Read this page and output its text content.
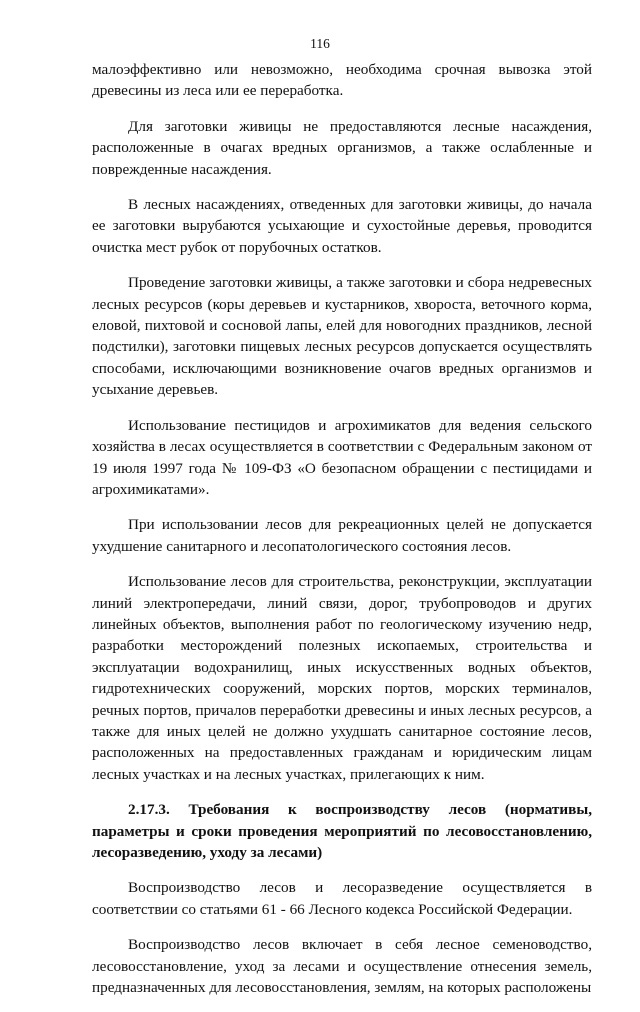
116

малоэффективно или невозможно, необходима срочная вывозка этой древесины из леса или ее переработка.

Для заготовки живицы не предоставляются лесные насаждения, расположенные в очагах вредных организмов, а также ослабленные и поврежденные насаждения.

В лесных насаждениях, отведенных для заготовки живицы, до начала ее заготовки вырубаются усыхающие и сухостойные деревья, проводится очистка мест рубок от порубочных остатков.

Проведение заготовки живицы, а также заготовки и сбора недревесных лесных ресурсов (коры деревьев и кустарников, хвороста, веточного корма, еловой, пихтовой и сосновой лапы, елей для новогодних праздников, лесной подстилки), заготовки пищевых лесных ресурсов допускается осуществлять способами, исключающими возникновение очагов вредных организмов и усыхание деревьев.

Использование пестицидов и агрохимикатов для ведения сельского хозяйства в лесах осуществляется в соответствии с Федеральным законом от 19 июля 1997 года № 109-ФЗ «О безопасном обращении с пестицидами и агрохимикатами».

При использовании лесов для рекреационных целей не допускается ухудшение санитарного и лесопатологического состояния лесов.

Использование лесов для строительства, реконструкции, эксплуатации линий электропередачи, линий связи, дорог, трубопроводов и других линейных объектов, выполнения работ по геологическому изучению недр, разработки месторождений полезных ископаемых, строительства и эксплуатации водохранилищ, иных искусственных водных объектов, гидротехнических сооружений, морских портов, морских терминалов, речных портов, причалов переработки древесины и иных лесных ресурсов, а также для иных целей не должно ухудшать санитарное состояние лесов, расположенных на предоставленных гражданам и юридическим лицам лесных участках и на лесных участках, прилегающих к ним.

2.17.3. Требования к воспроизводству лесов (нормативы, параметры и сроки проведения мероприятий по лесовосстановлению, лесоразведению, уходу за лесами)

Воспроизводство лесов и лесоразведение осуществляется в соответствии со статьями 61 - 66 Лесного кодекса Российской Федерации.

Воспроизводство лесов включает в себя лесное семеноводство, лесовосстановление, уход за лесами и осуществление отнесения земель, предназначенных для лесовосстановления, землям, на которых расположены
